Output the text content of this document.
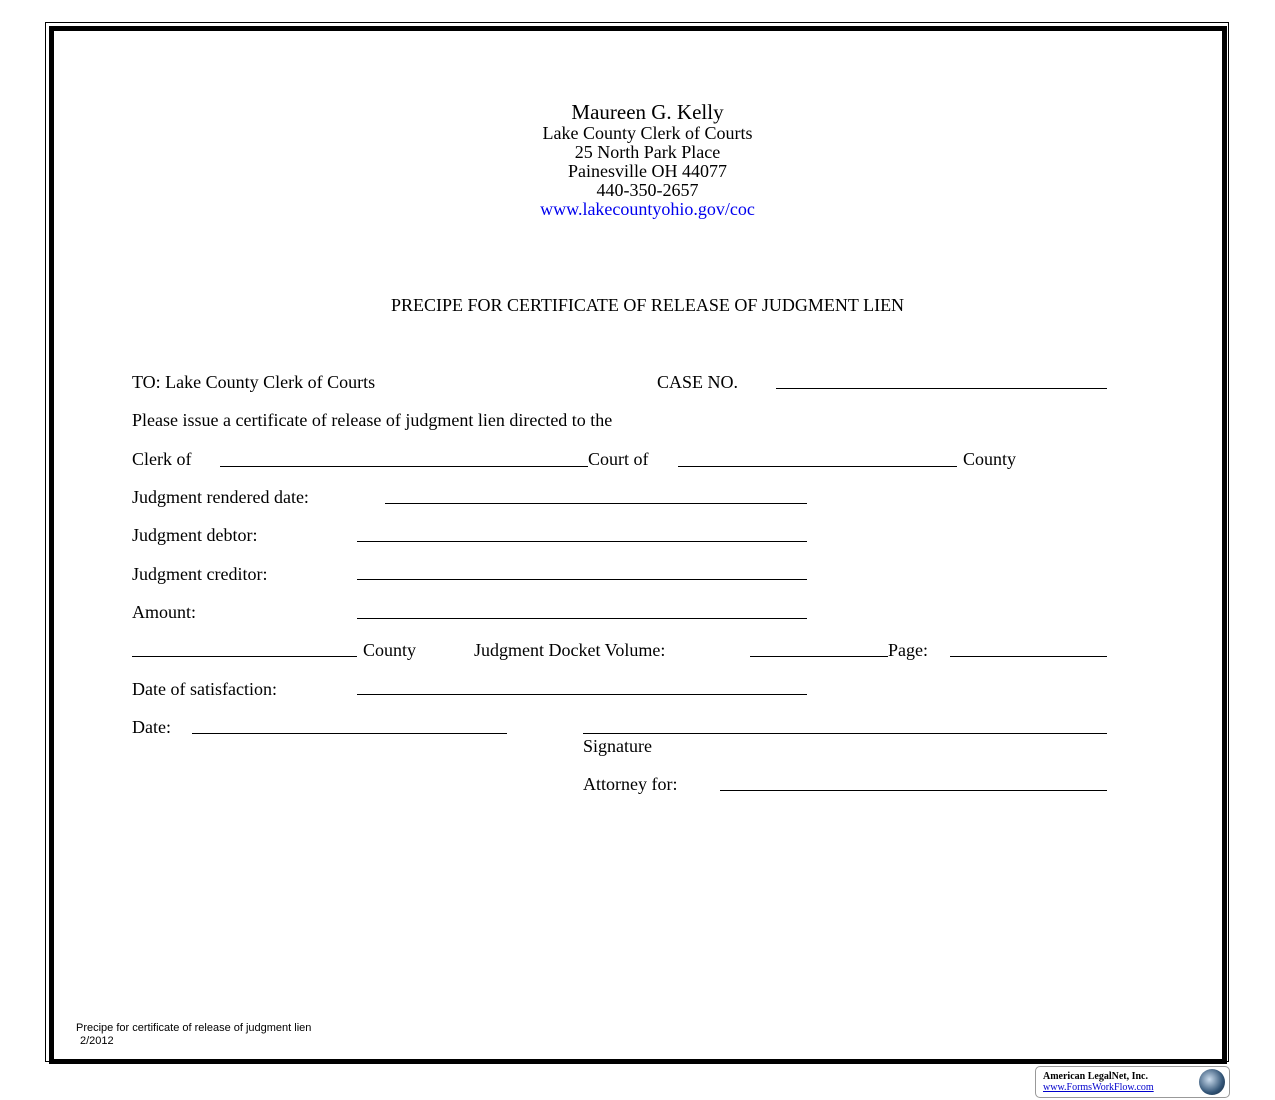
Maureen G. Kelly
Lake County Clerk of Courts
25 North Park Place
Painesville OH 44077
440-350-2657
www.lakecountyohio.gov/coc
PRECIPE FOR CERTIFICATE OF RELEASE OF JUDGMENT LIEN
TO: Lake County Clerk of Courts	CASE NO.
Please issue a certificate of release of judgment lien directed to the
Clerk of	Court of	County
Judgment rendered date:
Judgment debtor:
Judgment creditor:
Amount:
County	Judgment Docket Volume:	Page:
Date of satisfaction:
Date:
Signature
Attorney for:
Precipe for certificate of release of judgment lien
2/2012
American LegalNet, Inc.
www.FormsWorkFlow.com
